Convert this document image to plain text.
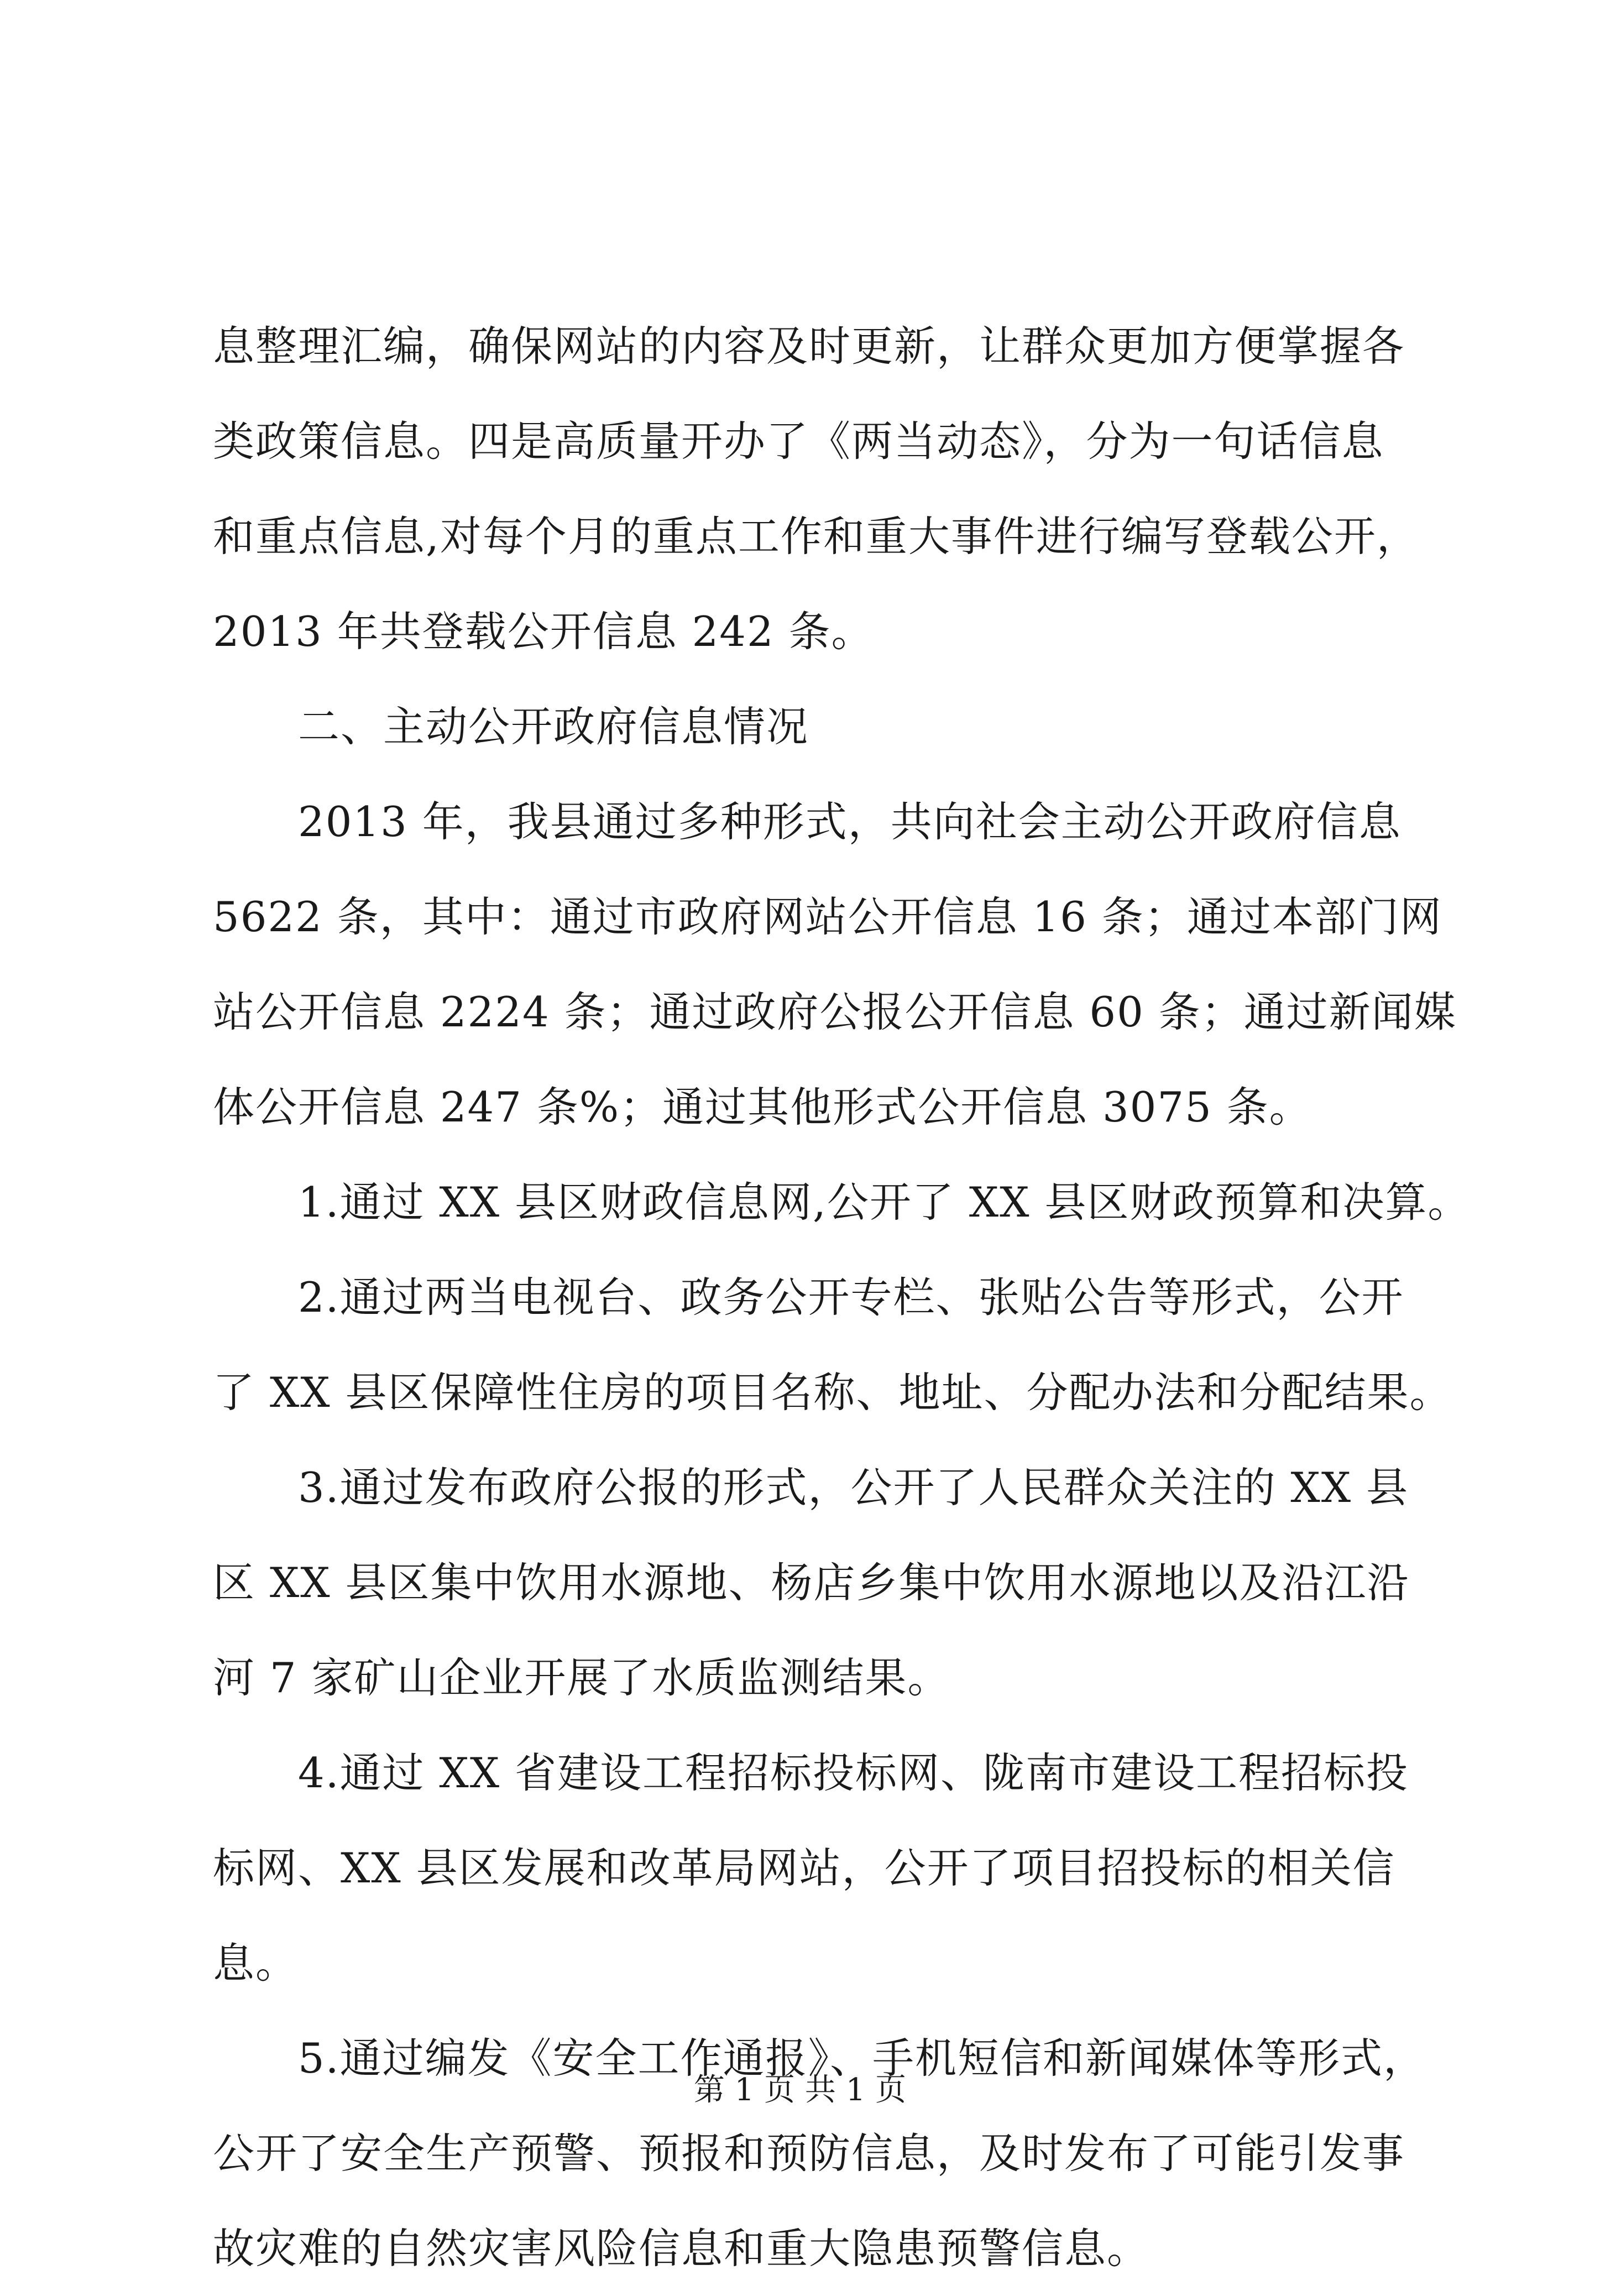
息整理汇编，确保网站的内容及时更新，让群众更加方便掌握各
类政策信息。四是高质量开办了《两当动态》，分为一句话信息
和重点信息,对每个月的重点工作和重大事件进行编写登载公开，
2013 年共登载公开信息 242 条。
　　二、主动公开政府信息情况
　　2013 年，我县通过多种形式，共向社会主动公开政府信息
5622 条，其中：通过市政府网站公开信息 16 条；通过本部门网
站公开信息 2224 条；通过政府公报公开信息 60 条；通过新闻媒
体公开信息 247 条%；通过其他形式公开信息 3075 条。
　　1.通过 XX 县区财政信息网,公开了 XX 县区财政预算和决算。
　　2.通过两当电视台、政务公开专栏、张贴公告等形式，公开
了 XX 县区保障性住房的项目名称、地址、分配办法和分配结果。
　　3.通过发布政府公报的形式，公开了人民群众关注的 XX 县
区 XX 县区集中饮用水源地、杨店乡集中饮用水源地以及沿江沿
河 7 家矿山企业开展了水质监测结果。
　　4.通过 XX 省建设工程招标投标网、陇南市建设工程招标投
标网、XX 县区发展和改革局网站，公开了项目招投标的相关信
息。
　　5.通过编发《安全工作通报》、手机短信和新闻媒体等形式，
公开了安全生产预警、预报和预防信息，及时发布了可能引发事
故灾难的自然灾害风险信息和重大隐患预警信息。
第 1 页 共 1 页
